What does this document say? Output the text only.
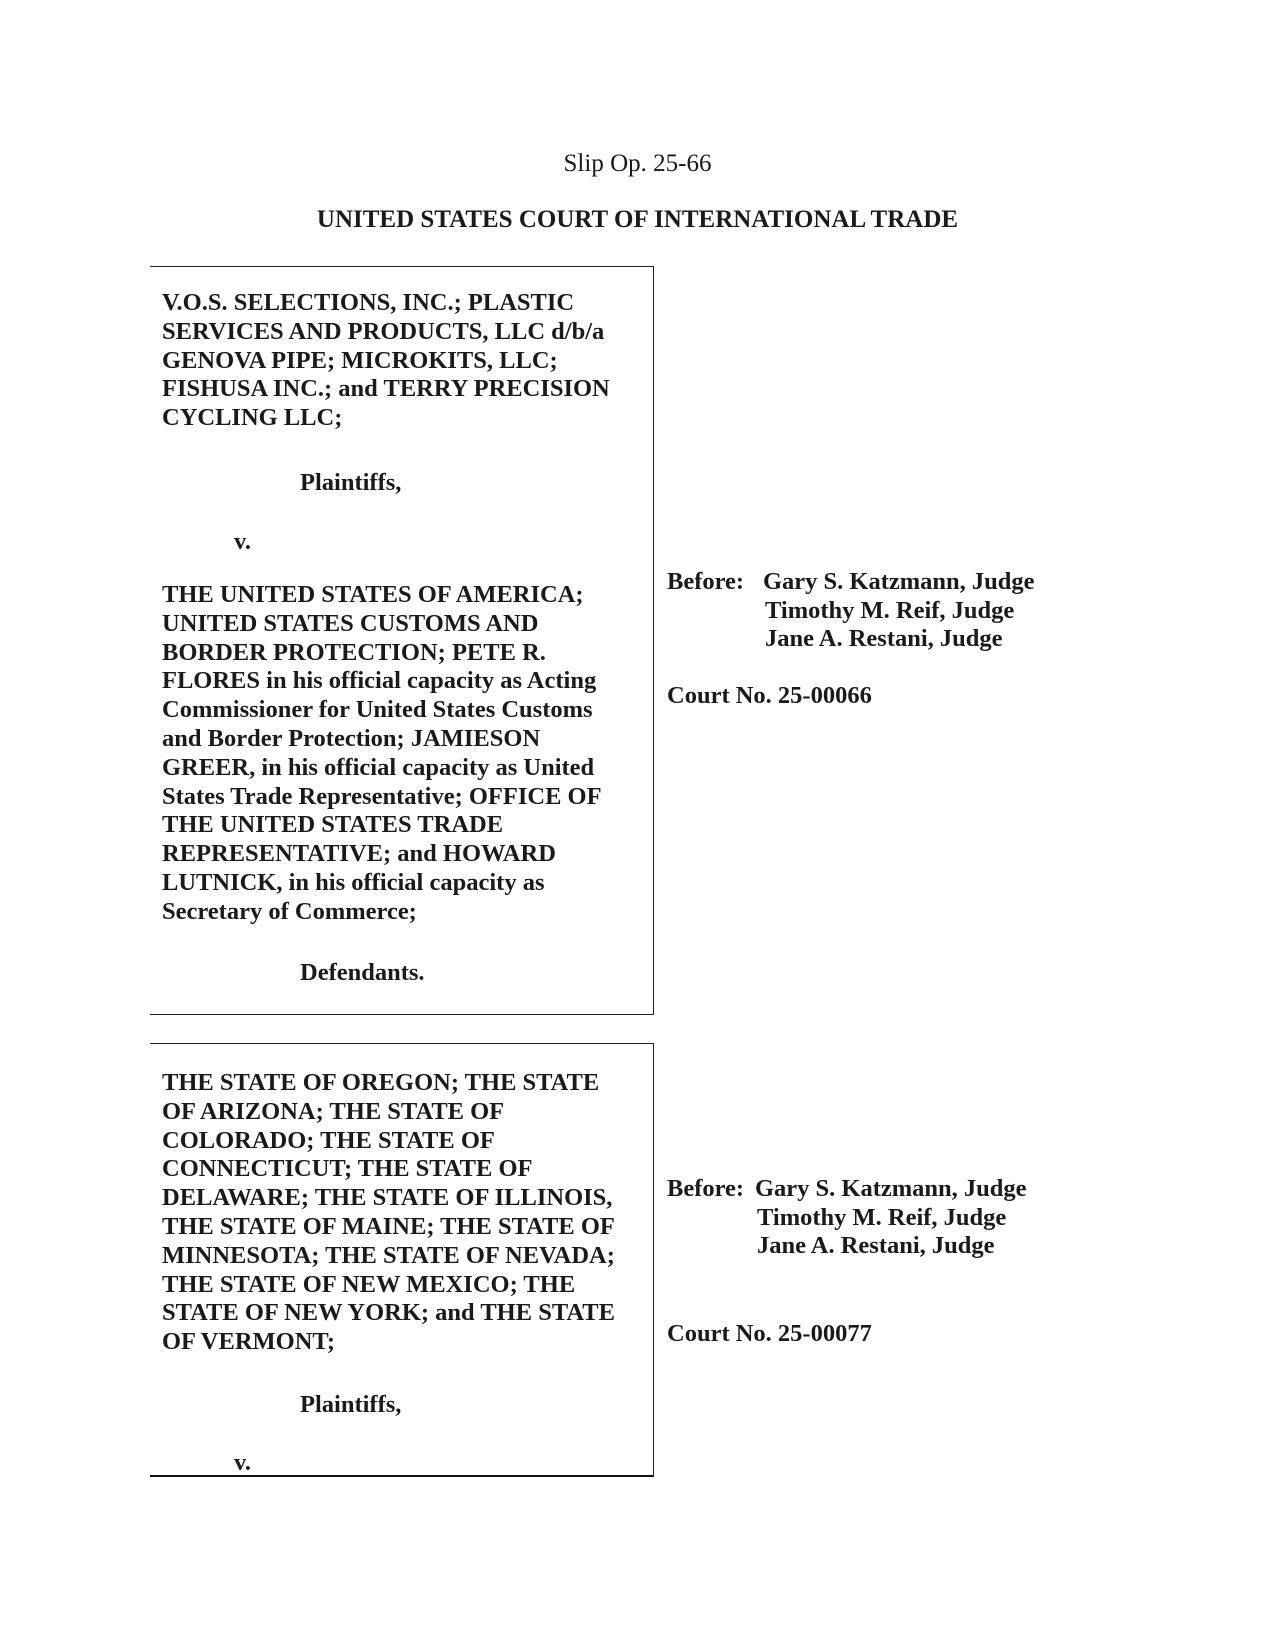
Slip Op. 25-66
UNITED STATES COURT OF INTERNATIONAL TRADE
V.O.S. SELECTIONS, INC.; PLASTIC
SERVICES AND PRODUCTS, LLC d/b/a
GENOVA PIPE; MICROKITS, LLC;
FISHUSA INC.; and TERRY PRECISION
CYCLING LLC;
Plaintiffs,
v.
THE UNITED STATES OF AMERICA;
UNITED STATES CUSTOMS AND
BORDER PROTECTION; PETE R.
FLORES in his official capacity as Acting
Commissioner for United States Customs
and Border Protection; JAMIESON
GREER, in his official capacity as United
States Trade Representative; OFFICE OF
THE UNITED STATES TRADE
REPRESENTATIVE; and HOWARD
LUTNICK, in his official capacity as
Secretary of Commerce;
Defendants.
Before: Gary S. Katzmann, Judge
Timothy M. Reif, Judge
Jane A. Restani, Judge
Court No. 25-00066
THE STATE OF OREGON; THE STATE
OF ARIZONA; THE STATE OF
COLORADO; THE STATE OF
CONNECTICUT; THE STATE OF
DELAWARE; THE STATE OF ILLINOIS,
THE STATE OF MAINE; THE STATE OF
MINNESOTA; THE STATE OF NEVADA;
THE STATE OF NEW MEXICO; THE
STATE OF NEW YORK; and THE STATE
OF VERMONT;
Plaintiffs,
v.
Before: Gary S. Katzmann, Judge
Timothy M. Reif, Judge
Jane A. Restani, Judge
Court No. 25-00077
